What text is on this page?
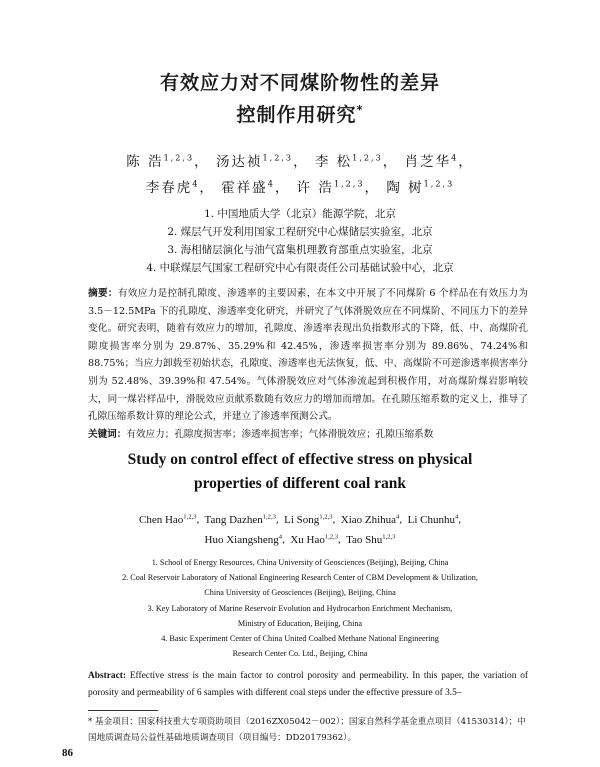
有效应力对不同煤阶物性的差异
控制作用研究*
陈 浩$^{1,2,3}$， 汤达祯$^{1,2,3}$， 李 松$^{1,2,3}$， 肖芝华$^4$，
李春虎$^4$， 霍祥盛$^4$， 许 浩$^{1,2,3}$， 陶 树$^{1,2,3}$
1. 中国地质大学（北京）能源学院，北京
2. 煤层气开发利用国家工程研究中心煤储层实验室，北京
3. 海相储层演化与油气富集机理教育部重点实验室，北京
4. 中联煤层气国家工程研究中心有限责任公司基础试验中心，北京

摘要：有效应力是控制孔隙度、渗透率的主要因素，在本文中开展了不同煤阶 6 个样品在有效压力为 3.5－12.5MPa 下的孔隙度、渗透率变化研究，并研究了气体滑脱效应在不同煤阶、不同压力下的差异变化。研究表明，随着有效应力的增加，孔隙度、渗透率表现出负指数形式的下降，低、中、高煤阶孔隙度损害率分别为 29.87%、35.29%和 42.45%，渗透率损害率分别为 89.86%、74.24%和 88.75%；当应力卸载至初始状态，孔隙度、渗透率也无法恢复，低、中、高煤阶不可逆渗透率损害率分别为 52.48%、39.39%和 47.54%。气体滑脱效应对气体渗流起到积极作用，对高煤阶煤岩影响较大，同一煤岩样品中，滑脱效应贡献系数随有效应力的增加而增加。在孔隙压缩系数的定义上，推导了孔隙压缩系数计算的理论公式，并建立了渗透率预测公式。

关键词：有效应力；孔隙度损害率；渗透率损害率；气体滑脱效应；孔隙压缩系数

Study on control effect of effective stress on physical
properties of different coal rank
Chen Hao$^{1,2,3}$,  Tang Dazhen$^{1,2,3}$,  Li Song$^{1,2,3}$,  Xiao Zhihua$^4$,  Li Chunhu$^4$,
Huo Xiangsheng$^4$,  Xu Hao$^{1,2,3}$,  Tao Shu$^{1,2,3}$
1. School of Energy Resources, China University of Geosciences (Beijing), Beijing, China
2. Coal Reservoir Laboratory of National Engineering Research Center of CBM Development & Utilization,
China University of Geosciences (Beijing), Beijing, China
3. Key Laboratory of Marine Reservoir Evolution and Hydrocarbon Enrichment Mechanism,
Ministry of Education, Beijing, China
4. Basic Experiment Center of China United Coalbed Methane National Engineering
Research Center Co. Ltd., Beijing, China
Abstract: Effective stress is the main factor to control porosity and permeability. In this paper, the variation of porosity and permeability of 6 samples with different coal steps under the effective pressure of 3.5–
* 基金项目：国家科技重大专项资助项目（2016ZX05042－002）；国家自然科学基金重点项目（41530314）；中国地质调查局公益性基础地质调查项目（项目编号：DD20179362）。
86
